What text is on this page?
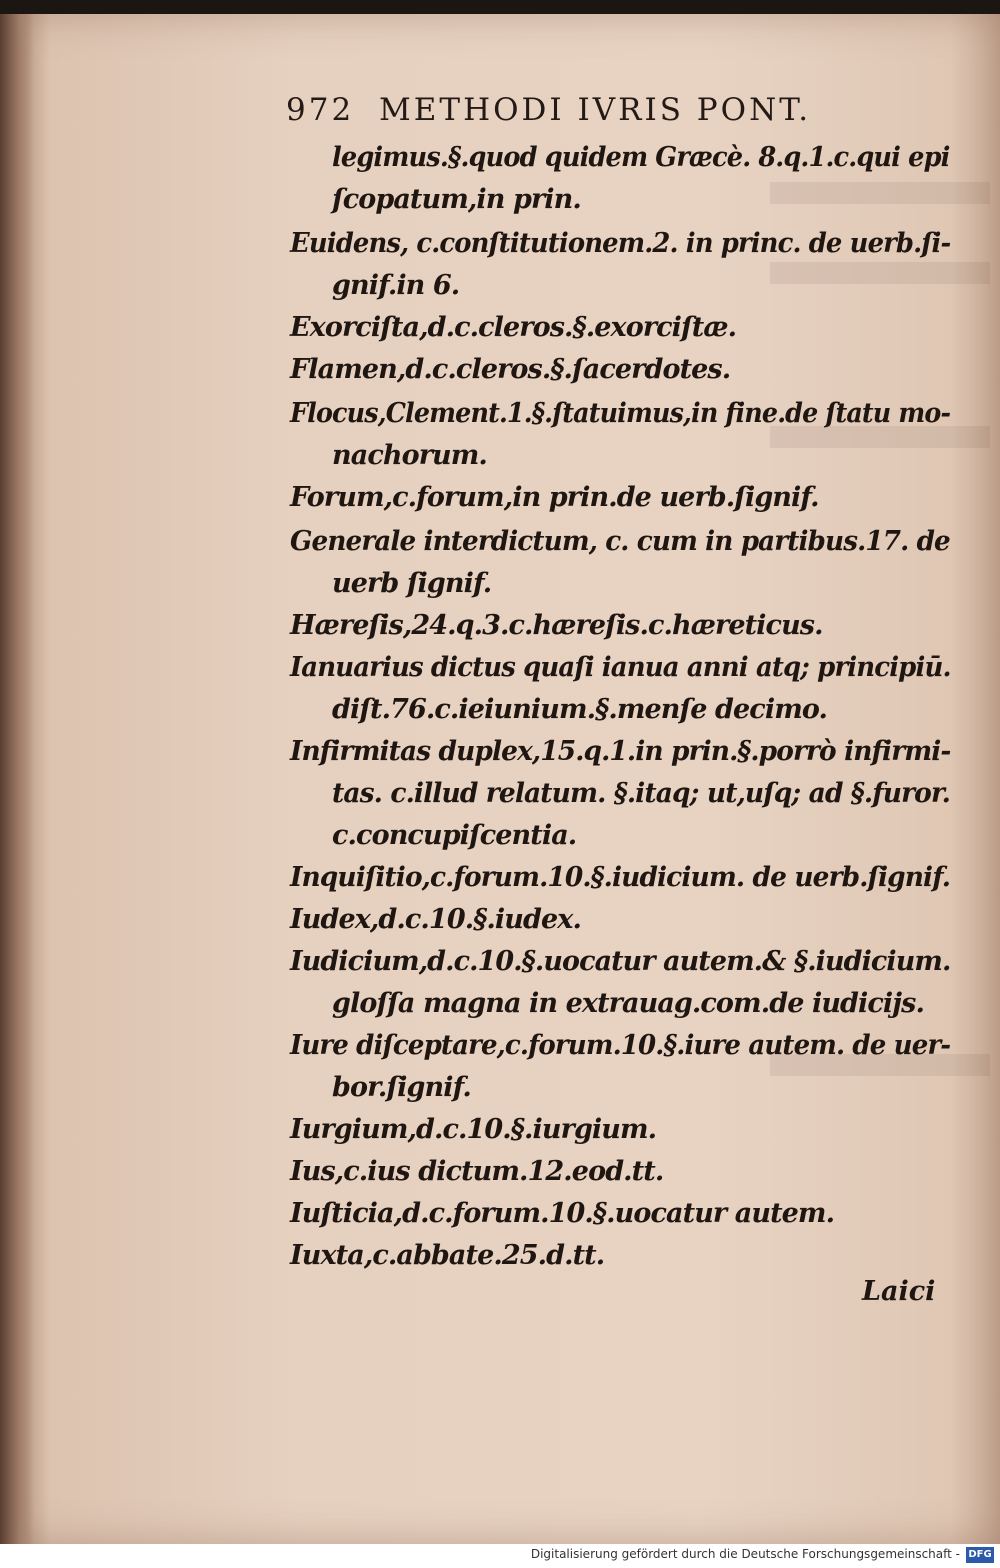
972 METHODI IVRIS PONT.
legimus.§.quod quidem Græcè. 8.q.1.c.qui epi
ſcopatum,in prin.
Euidens, c.conſtitutionem.2. in princ. de uerb.ſi-
gnif.in 6.
Exorciſta,d.c.cleros.§.exorciſtæ.
Flamen,d.c.cleros.§.ſacerdotes.
Flocus,Clement.1.§.ſtatuimus,in fine.de ſtatu mo-
nachorum.
Forum,c.forum,in prin.de uerb.ſignif.
Generale interdictum, c. cum in partibus.17. de
uerb ſignif.
Hæreſis,24.q.3.c.hæreſis.c.hæreticus.
Ianuarius dictus quaſi ianua anni atq; principiū.
diſt.76.c.ieiunium.§.menſe decimo.
Infirmitas duplex,15.q.1.in prin.§.porrò infirmi-
tas. c.illud relatum. §.itaq; ut,uſq; ad §.furor.
c.concupiſcentia.
Inquiſitio,c.forum.10.§.iudicium. de uerb.ſignif.
Iudex,d.c.10.§.iudex.
Iudicium,d.c.10.§.uocatur autem.& §.iudicium.
gloſſa magna in extrauag.com.de iudicijs.
Iure diſceptare,c.forum.10.§.iure autem. de uer-
bor.ſignif.
Iurgium,d.c.10.§.iurgium.
Ius,c.ius dictum.12.eod.tt.
Iuſticia,d.c.forum.10.§.uocatur autem.
Iuxta,c.abbate.25.d.tt.
Laici
Digitalisierung gefördert durch die Deutsche Forschungsgemeinschaft - DFG
